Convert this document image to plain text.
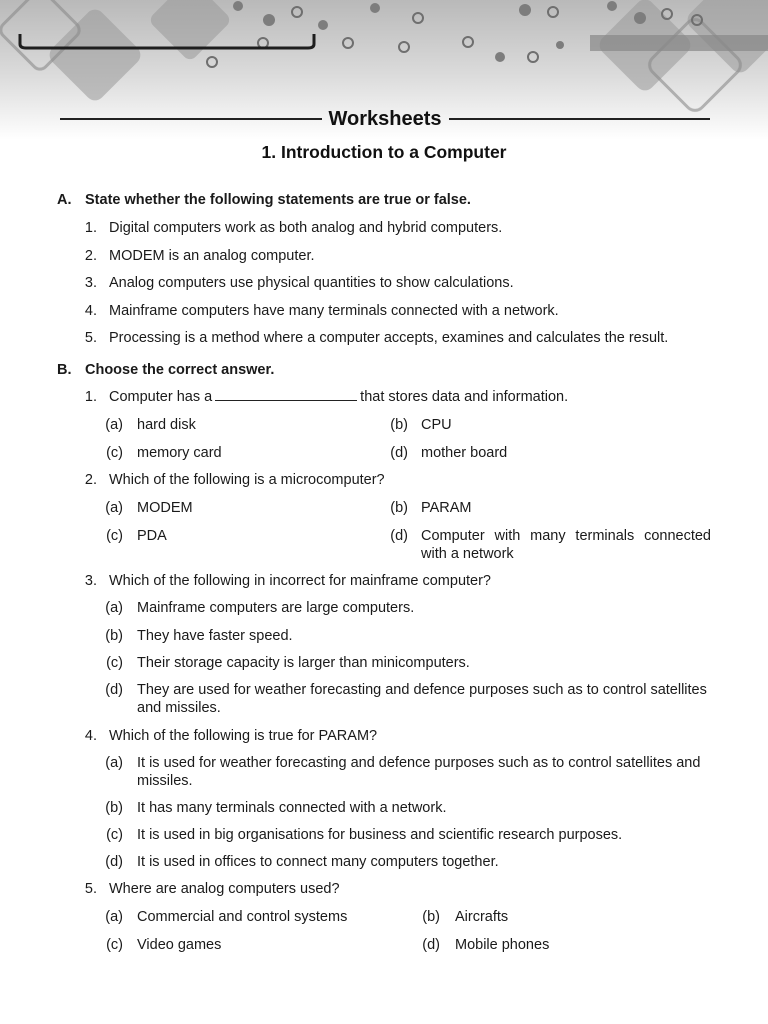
Worksheets
1. Introduction to a Computer
A. State whether the following statements are true or false.
1. Digital computers work as both analog and hybrid computers.
2. MODEM is an analog computer.
3. Analog computers use physical quantities to show calculations.
4. Mainframe computers have many terminals connected with a network.
5. Processing is a method where a computer accepts, examines and calculates the result.
B. Choose the correct answer.
1. Computer has a	that stores data and information.
(a) hard disk	(b) CPU
(c) memory card	(d) mother board
2. Which of the following is a microcomputer?
(a) MODEM	(b) PARAM
(c) PDA	(d) Computer with many terminals connected with a network
3. Which of the following in incorrect for mainframe computer?
(a) Mainframe computers are large computers.
(b) They have faster speed.
(c) Their storage capacity is larger than minicomputers.
(d) They are used for weather forecasting and defence purposes such as to control satellites and missiles.
4. Which of the following is true for PARAM?
(a) It is used for weather forecasting and defence purposes such as to control satellites and missiles.
(b) It has many terminals connected with a network.
(c) It is used in big organisations for business and scientific research purposes.
(d) It is used in offices to connect many computers together.
5. Where are analog computers used?
(a) Commercial and control systems	(b) Aircrafts
(c) Video games	(d) Mobile phones
